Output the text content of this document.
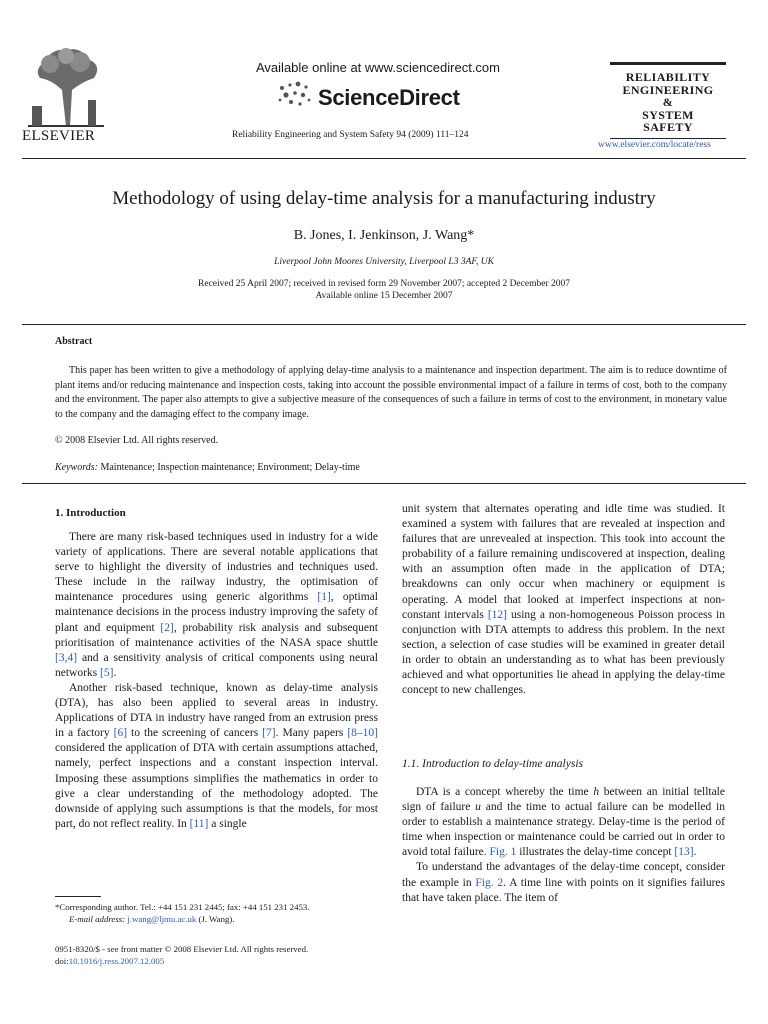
ELSEVIER
Available online at www.sciencedirect.com
ScienceDirect
Reliability Engineering and System Safety 94 (2009) 111–124
RELIABILITY
ENGINEERING
&
SYSTEM
SAFETY
www.elsevier.com/locate/ress
Methodology of using delay-time analysis for a manufacturing industry
B. Jones, I. Jenkinson, J. Wang*
Liverpool John Moores University, Liverpool L3 3AF, UK
Received 25 April 2007; received in revised form 29 November 2007; accepted 2 December 2007
Available online 15 December 2007
Abstract
This paper has been written to give a methodology of applying delay-time analysis to a maintenance and inspection department. The aim is to reduce downtime of plant items and/or reducing maintenance and inspection costs, taking into account the possible environmental impact of a failure in terms of cost, both to the company and the environment. The paper also attempts to give a subjective measure of the consequences of such a failure in terms of cost to the environment, in monetary value to the company and the damaging effect to the company image.
© 2008 Elsevier Ltd. All rights reserved.
Keywords: Maintenance; Inspection maintenance; Environment; Delay-time
1. Introduction

There are many risk-based techniques used in industry for a wide variety of applications. There are several notable applications that serve to highlight the diversity of industries and techniques used. These include in the railway industry, the optimisation of maintenance procedures using generic algorithms [1], optimal maintenance decisions in the process industry improving the safety of plant and equipment [2], probability risk analysis and subsequent prioritisation of maintenance activities of the NASA space shuttle [3,4] and a sensitivity analysis of critical components using neural networks [5].

Another risk-based technique, known as delay-time analysis (DTA), has also been applied to several areas in industry. Applications of DTA in industry have ranged from an extrusion press in a factory [6] to the screening of cancers [7]. Many papers [8–10] considered the application of DTA with certain assumptions attached, namely, perfect inspections and a constant inspection interval. Imposing these assumptions simplifies the mathematics in order to give a clear understanding of the methodology adopted. The downside of applying such assumptions is that the models, for most part, do not reflect reality. In [11] a single

unit system that alternates operating and idle time was studied. It examined a system with failures that are revealed at inspection and failures that are unrevealed at inspection. This took into account the probability of a failure remaining undiscovered at inspection, dealing with an assumption often made in the application of DTA; breakdowns can only occur when machinery or equipment is operating. A model that looked at imperfect inspections at non-constant intervals [12] using a non-homogeneous Poisson process in conjunction with DTA attempts to address this problem. In the next section, a selection of case studies will be examined in greater detail in order to obtain an understanding as to what has been previously achieved and what opportunities lie ahead in applying the delay-time concept to new challenges.

1.1. Introduction to delay-time analysis

DTA is a concept whereby the time h between an initial telltale sign of failure u and the time to actual failure can be modelled in order to establish a maintenance strategy. Delay-time is the period of time when inspection or maintenance could be carried out in order to avoid total failure. Fig. 1 illustrates the delay-time concept [13].

To understand the advantages of the delay-time concept, consider the example in Fig. 2. A time line with points on it signifies failures that have taken place. The item of

*Corresponding author. Tel.: +44 151 231 2445; fax: +44 151 231 2453.
E-mail address: j.wang@ljmu.ac.uk (J. Wang).
0951-8320/$ - see front matter © 2008 Elsevier Ltd. All rights reserved.
doi:10.1016/j.ress.2007.12.005
